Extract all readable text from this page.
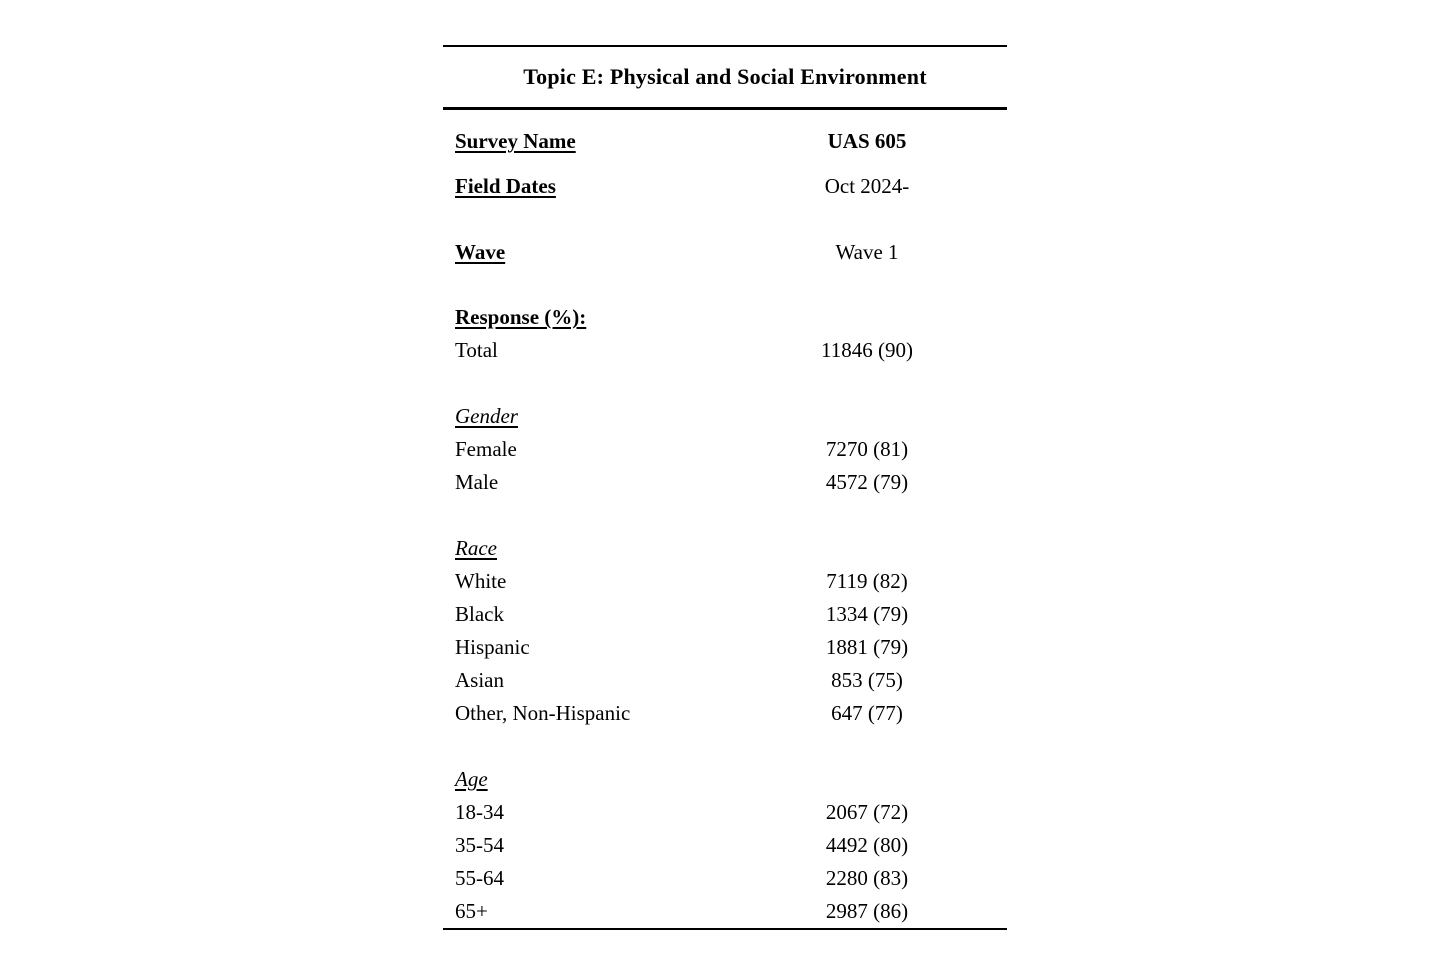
Topic E: Physical and Social Environment
Survey Name	UAS 605
Field Dates	Oct 2024-
Wave	Wave 1
Response (%):
Total	11846 (90)
Gender
Female	7270 (81)
Male	4572 (79)
Race
White	7119 (82)
Black	1334 (79)
Hispanic	1881 (79)
Asian	853 (75)
Other, Non-Hispanic	647 (77)
Age
18-34	2067 (72)
35-54	4492 (80)
55-64	2280 (83)
65+	2987 (86)
